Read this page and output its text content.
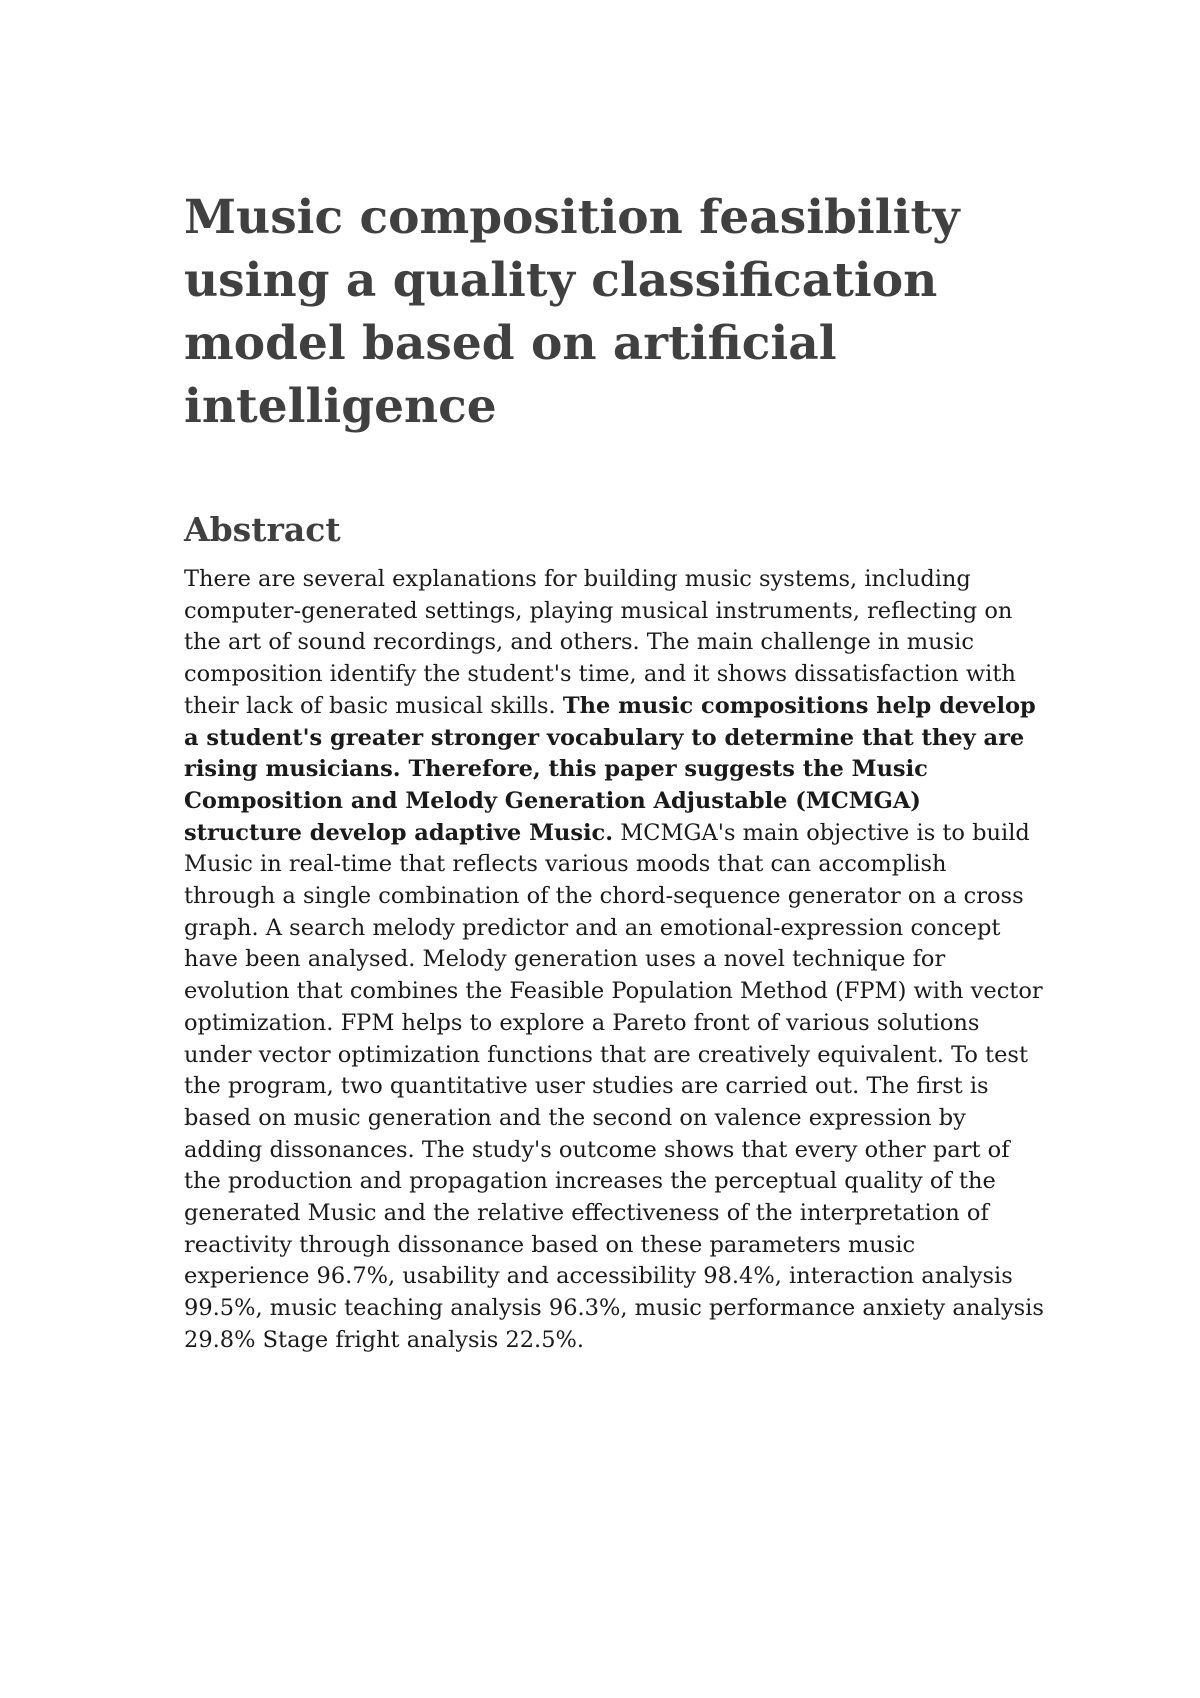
Music composition feasibility using a quality classification model based on artificial intelligence
Abstract

There are several explanations for building music systems, including computer-generated settings, playing musical instruments, reflecting on the art of sound recordings, and others. The main challenge in music composition identify the student's time, and it shows dissatisfaction with their lack of basic musical skills. The music compositions help develop a student's greater stronger vocabulary to determine that they are rising musicians. Therefore, this paper suggests the Music Composition and Melody Generation Adjustable (MCMGA) structure develop adaptive Music. MCMGA's main objective is to build Music in real-time that reflects various moods that can accomplish through a single combination of the chord-sequence generator on a cross graph. A search melody predictor and an emotional-expression concept have been analysed. Melody generation uses a novel technique for evolution that combines the Feasible Population Method (FPM) with vector optimization. FPM helps to explore a Pareto front of various solutions under vector optimization functions that are creatively equivalent. To test the program, two quantitative user studies are carried out. The first is based on music generation and the second on valence expression by adding dissonances. The study's outcome shows that every other part of the production and propagation increases the perceptual quality of the generated Music and the relative effectiveness of the interpretation of reactivity through dissonance based on these parameters music experience 96.7%, usability and accessibility 98.4%, interaction analysis 99.5%, music teaching analysis 96.3%, music performance anxiety analysis 29.8% Stage fright analysis 22.5%.
